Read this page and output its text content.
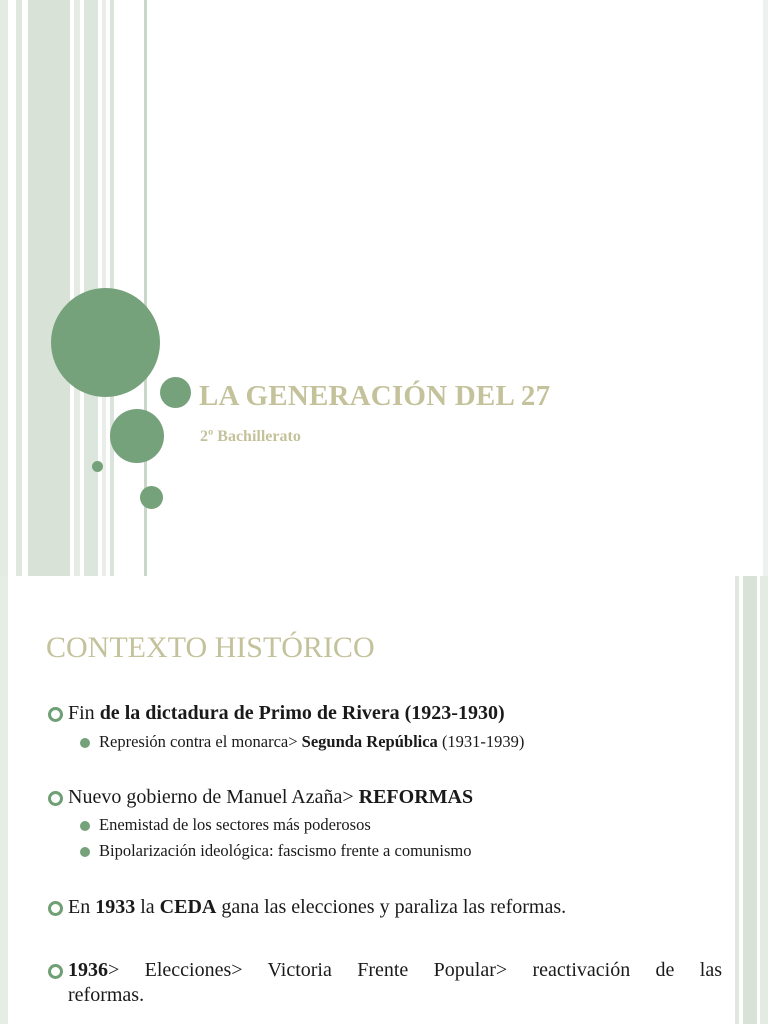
LA GENERACIÓN DEL 27

2º Bachillerato

CONTEXTO HISTÓRICO
Fin de la dictadura de Primo de Rivera (1923-1930)
Represión contra el monarca> Segunda República (1931-1939)
Nuevo gobierno de Manuel Azaña> REFORMAS
Enemistad de los sectores más poderosos
Bipolarización ideológica: fascismo frente a comunismo
En 1933 la CEDA gana las elecciones y paraliza las reformas.
1936> Elecciones> Victoria Frente Popular> reactivación de las
reformas.
